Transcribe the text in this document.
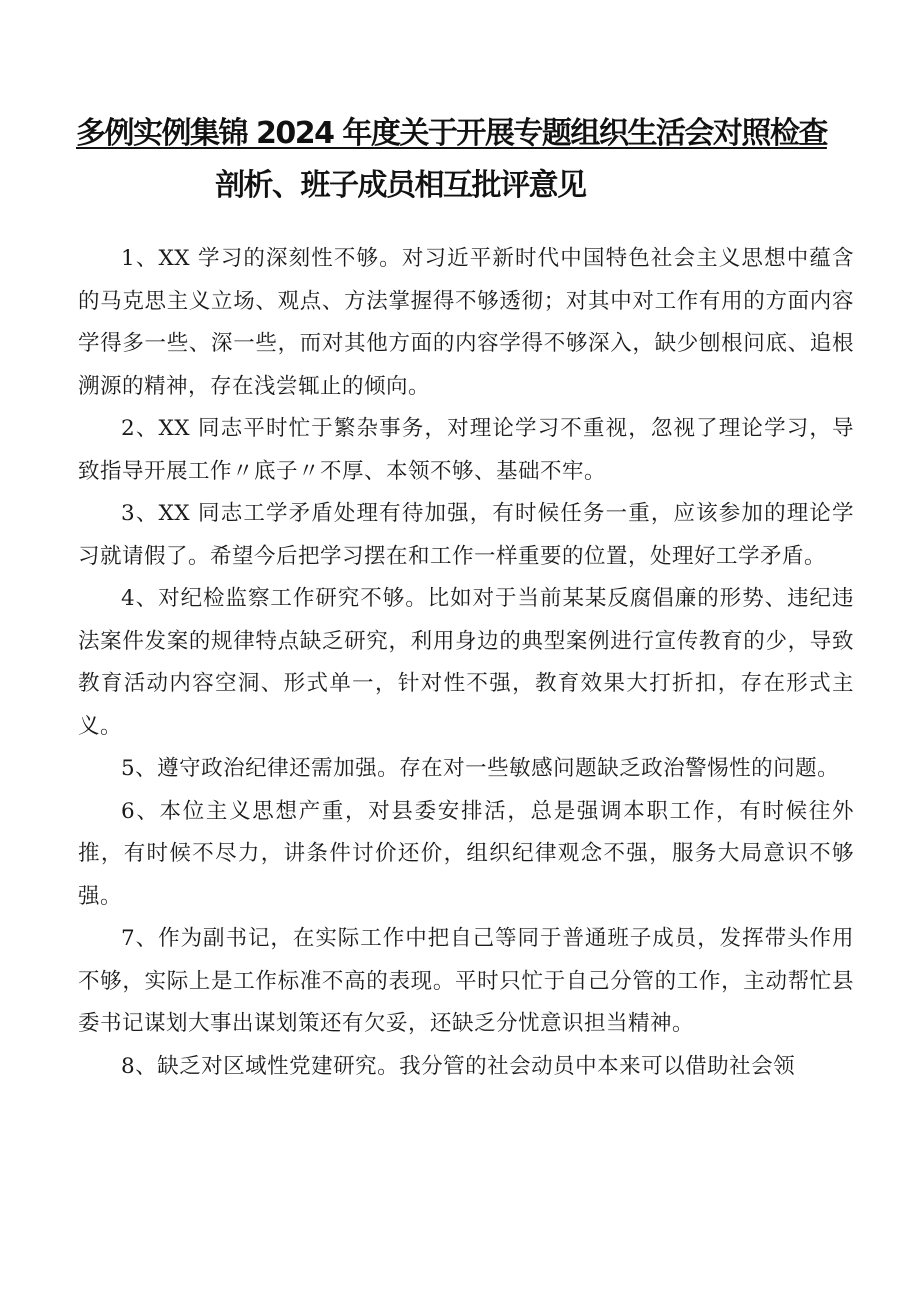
多例实例集锦 2024 年度关于开展专题组织生活会对照检查
剖析、班子成员相互批评意见

1、XX 学习的深刻性不够。对习近平新时代中国特色社会主义思想中蕴含的马克思主义立场、观点、方法掌握得不够透彻；对其中对工作有用的方面内容学得多一些、深一些，而对其他方面的内容学得不够深入，缺少刨根问底、追根溯源的精神，存在浅尝辄止的倾向。

2、XX 同志平时忙于繁杂事务，对理论学习不重视，忽视了理论学习，导致指导开展工作〃底子〃不厚、本领不够、基础不牢。

3、XX 同志工学矛盾处理有待加强，有时候任务一重，应该参加的理论学习就请假了。希望今后把学习摆在和工作一样重要的位置，处理好工学矛盾。

4、对纪检监察工作研究不够。比如对于当前某某反腐倡廉的形势、违纪违法案件发案的规律特点缺乏研究，利用身边的典型案例进行宣传教育的少，导致教育活动内容空洞、形式单一，针对性不强，教育效果大打折扣，存在形式主义。

5、遵守政治纪律还需加强。存在对一些敏感问题缺乏政治警惕性的问题。

6、本位主义思想产重，对县委安排活，总是强调本职工作，有时候往外推，有时候不尽力，讲条件讨价还价，组织纪律观念不强，服务大局意识不够强。

7、作为副书记，在实际工作中把自己等同于普通班子成员，发挥带头作用不够，实际上是工作标准不高的表现。平时只忙于自己分管的工作，主动帮忙县委书记谋划大事出谋划策还有欠妥，还缺乏分忧意识担当精神。

8、缺乏对区域性党建研究。我分管的社会动员中本来可以借助社会领
